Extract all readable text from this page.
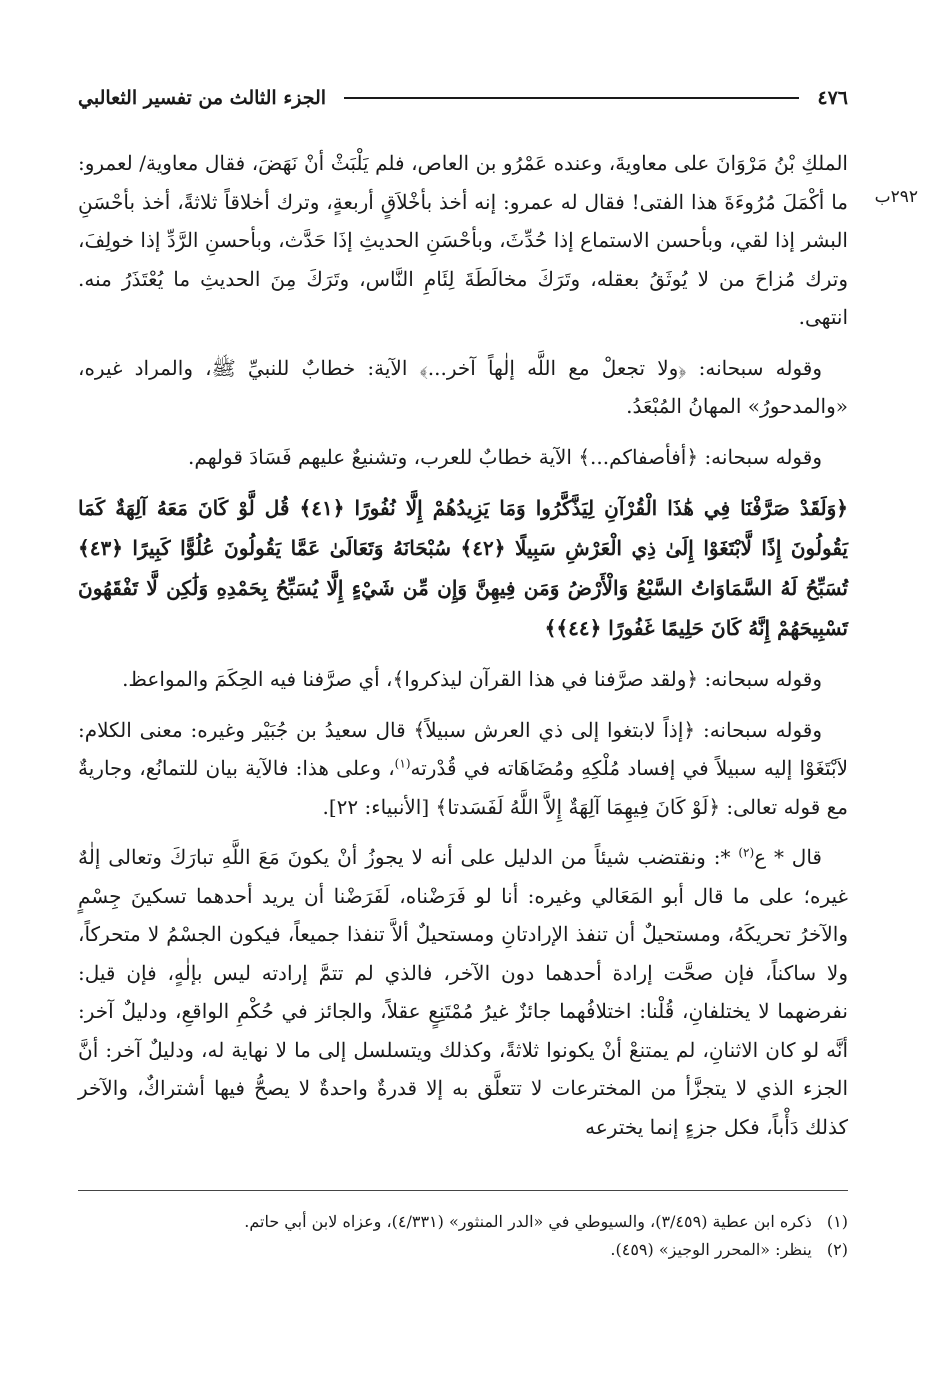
٤٧٦
الجزء الثالث من تفسير الثعالبي

٢٩٢ب
الملكِ بْنُ مَرْوَانَ على معاويةَ، وعنده عَمْرُو بن العاص، فلم يَلْبَثْ أنْ نَهَضَ، فقال معاوية/ لعمرو: ما أكْمَلَ مُرُوءَةَ هذا الفتى! فقال له عمرو: إنه أخذ بأخْلاَقٍ أربعةٍ، وترك أخلاقاً ثلاثةً، أخذ بأحْسَنِ البشر إذا لقي، وبأحسن الاستماع إذا حُدِّثَ، وبأحْسَنِ الحديثِ إذَا حَدَّث، وبأحسنِ الرَّدِّ إذا خولِفَ، وترك مُزاحَ من لا يُوثَقُ بعقله، وتَرَكَ مخالَطَةَ لِئَامِ النَّاس، وتَرَكَ مِنَ الحديثِ ما يُعْتَذَرُ منه. انتهى.

وقوله سبحانه: ﴿ولا تجعلْ مع اللَّه إلٰهاً آخر...﴾ الآية: خطابٌ للنبيِّ ﷺ، والمراد غيره، «والمدحورُ» المهانُ المُبْعَدُ.

وقوله سبحانه: ﴿أفأصفاكم...﴾ الآية خطابٌ للعرب، وتشنيعٌ عليهم فَسَادَ قولهم.

﴿وَلَقَدْ صَرَّفْنَا فِي هَٰذَا الْقُرْآنِ لِيَذَّكَّرُوا وَمَا يَزِيدُهُمْ إِلَّا نُفُورًا ﴿٤١﴾ قُل لَّوْ كَانَ مَعَهُ آلِهَةٌ كَمَا يَقُولُونَ إِذًا لَّابْتَغَوْا إِلَىٰ ذِي الْعَرْشِ سَبِيلًا ﴿٤٢﴾ سُبْحَانَهُ وَتَعَالَىٰ عَمَّا يَقُولُونَ عُلُوًّا كَبِيرًا ﴿٤٣﴾ تُسَبِّحُ لَهُ السَّمَاوَاتُ السَّبْعُ وَالْأَرْضُ وَمَن فِيهِنَّ وَإِن مِّن شَيْءٍ إِلَّا يُسَبِّحُ بِحَمْدِهِ وَلَٰكِن لَّا تَفْقَهُونَ تَسْبِيحَهُمْ إِنَّهُ كَانَ حَلِيمًا غَفُورًا ﴿٤٤﴾﴾

وقوله سبحانه: ﴿ولقد صرَّفنا في هذا القرآن ليذكروا﴾، أي صرَّفنا فيه الحِكَمَ والمواعظ.

وقوله سبحانه: ﴿إذاً لابتغوا إلى ذي العرش سبيلاً﴾ قال سعيدُ بن جُبَيْر وغيره: معنى الكلام: لاَبْتَغَوْا إليه سبيلاً في إفساد مُلْكِهِ ومُضَاهَاته في قُدْرته$^{(١)}$، وعلى هذا: فالآية بيان للتمانُع، وجاريةٌ مع قوله تعالى: ﴿لَوْ كَانَ فِيهِمَا آلِهَةٌ إِلاَّ اللَّهُ لَفَسَدتا﴾ [الأنبياء: ٢٢].

قال * ع$^{(٢)}$ *: ونقتضب شيئاً من الدليل على أنه لا يجوزُ أنْ يكونَ مَعَ اللَّهِ تبارَكَ وتعالى إلٰهٌ غيره؛ على ما قال أبو المَعَالي وغيره: أنا لو فَرَضْناه، لَفَرَضْنا أن يريد أحدهما تسكينَ جِسْمٍ والآخرُ تحريكَهُ، ومستحيلٌ أن تنفذ الإرادتانِ ومستحيلٌ ألاَّ تنفذا جميعاً، فيكون الجسْمُ لا متحركاً، ولا ساكناً، فإن صحَّت إرادة أحدهما دون الآخر، فالذي لم تتمَّ إرادته ليس بإلٰهٍ، فإن قيل: نفرضهما لا يختلفانِ، قُلْنا: اختلافُهما جائزٌ غيرُ مُمْتَنِعٍ عقلاً، والجائز في حُكْمِ الواقعِ، ودليلٌ آخر: أنَّه لو كان الاثنانِ، لم يمتنعْ أنْ يكونوا ثلاثةً، وكذلك ويتسلسل إلى ما لا نهاية له، ودليلٌ آخر: أنَّ الجزء الذي لا يتجزَّأ من المخترعات لا تتعلَّق به إلا قدرةٌ واحدةٌ لا يصحُّ فيها أشتراكٌ، والآخر كذلك دَأْباً، فكل جزءٍ إنما يخترعه

(١) ذكره ابن عطية (٣/٤٥٩)، والسيوطي في «الدر المنثور» (٤/٣٣١)، وعزاه لابن أبي حاتم.

(٢) ينظر: «المحرر الوجيز» (٤٥٩).
